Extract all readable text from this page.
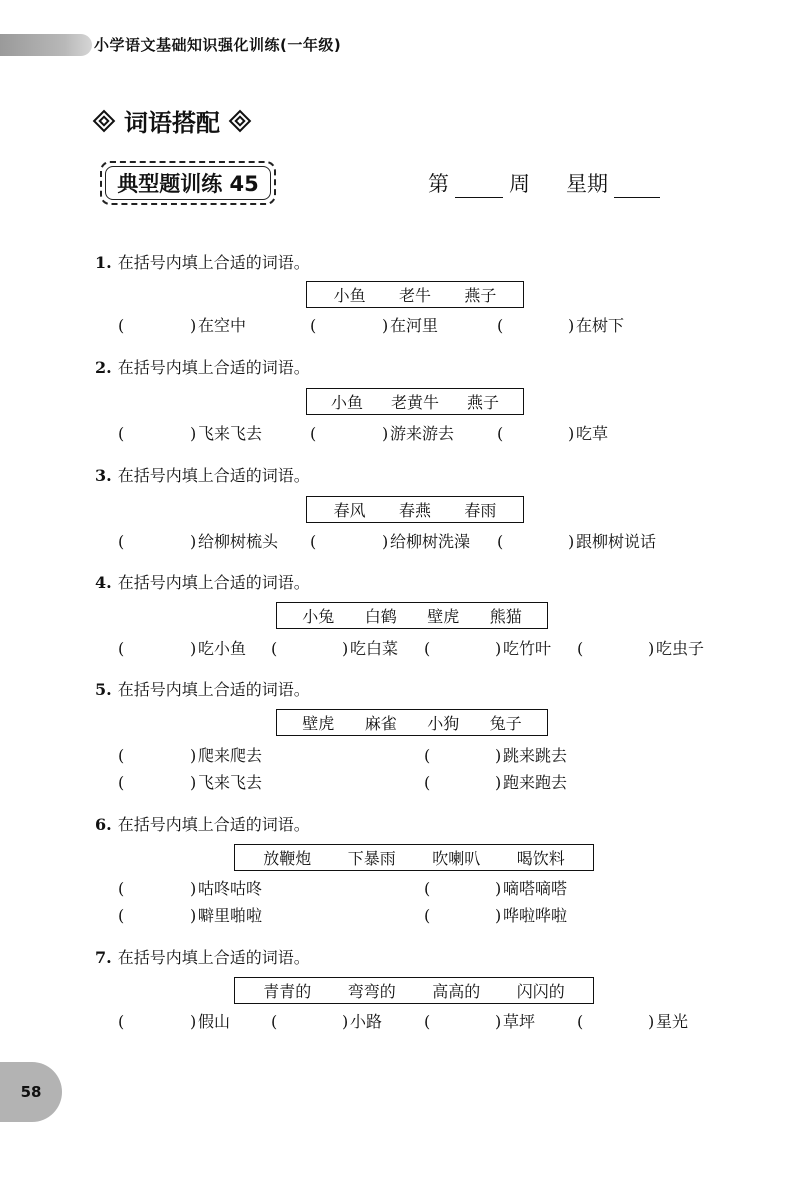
小学语文基础知识强化训练(一年级)
词语搭配
典型题训练 45	第	周 星期
1. 在括号内填上合适的词语。
小鱼 老牛 燕子
(	) 在空中	(	) 在河里	(	) 在树下
2. 在括号内填上合适的词语。
小鱼 老黄牛 燕子
(	) 飞来飞去	(	) 游来游去	(	) 吃草
3. 在括号内填上合适的词语。
春风 春燕 春雨
(	) 给柳树梳头 (	) 给柳树洗澡 (	) 跟柳树说话
4. 在括号内填上合适的词语。
小兔 白鹤 壁虎 熊猫
(	) 吃小鱼 (	) 吃白菜 (	) 吃竹叶 (	) 吃虫子
5. 在括号内填上合适的词语。
壁虎 麻雀 小狗 兔子
(	) 爬来爬去	(	) 跳来跳去
(	) 飞来飞去	(	) 跑来跑去
6. 在括号内填上合适的词语。
放鞭炮 下暴雨 吹喇叭 喝饮料
(	) 咕咚咕咚	(	) 嘀嗒嘀嗒
(	) 噼里啪啦	(	) 哗啦哗啦
7. 在括号内填上合适的词语。
青青的 弯弯的 高高的 闪闪的
(	) 假山	(	) 小路	(	) 草坪	(	) 星光
58
